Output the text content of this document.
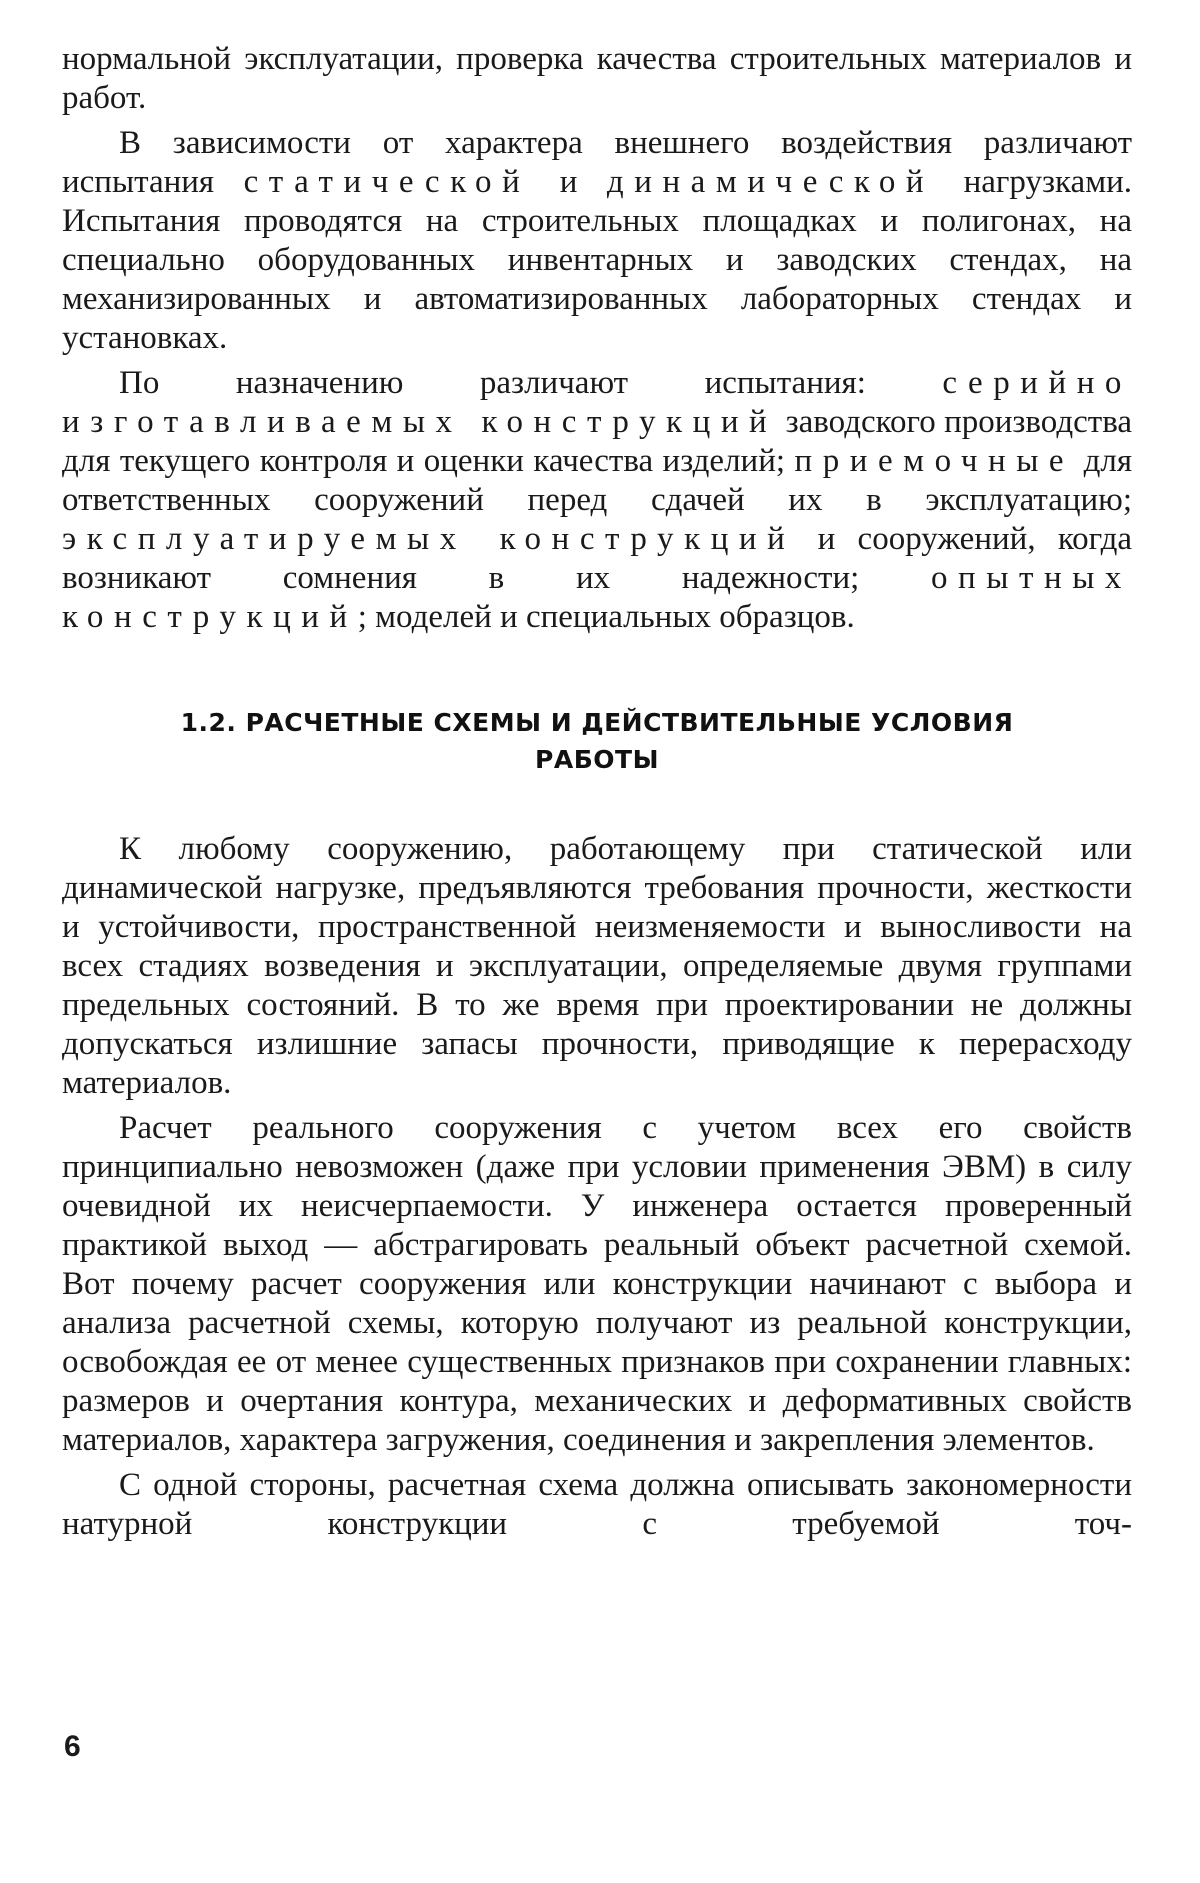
нормальной эксплуатации, проверка качества строительных материалов и работ.

В зависимости от характера внешнего воздействия различают испытания статической и динамической нагрузками. Испытания проводятся на строительных площадках и полигонах, на специально оборудованных инвентарных и заводских стендах, на механизированных и автоматизированных лабораторных стендах и установках.

По назначению различают испытания: серийно изготавливаемых конструкций заводского производства для текущего контроля и оценки качества изделий; приемочные для ответственных сооружений перед сдачей их в эксплуатацию; эксплуатируемых конструкций и сооружений, когда возникают сомнения в их надежности; опытных конструкций; моделей и специальных образцов.

1.2. РАСЧЕТНЫЕ СХЕМЫ И ДЕЙСТВИТЕЛЬНЫЕ УСЛОВИЯ
РАБОТЫ

К любому сооружению, работающему при статической или динамической нагрузке, предъявляются требования прочности, жесткости и устойчивости, пространственной неизменяемости и выносливости на всех стадиях возведения и эксплуатации, определяемые двумя группами предельных состояний. В то же время при проектировании не должны допускаться излишние запасы прочности, приводящие к перерасходу материалов.

Расчет реального сооружения с учетом всех его свойств принципиально невозможен (даже при условии применения ЭВМ) в силу очевидной их неисчерпаемости. У инженера остается проверенный практикой выход — абстрагировать реальный объект расчетной схемой. Вот почему расчет сооружения или конструкции начинают с выбора и анализа расчетной схемы, которую получают из реальной конструкции, освобождая ее от менее существенных признаков при сохранении главных: размеров и очертания контура, механических и деформативных свойств материалов, характера загружения, соединения и закрепления элементов.

С одной стороны, расчетная схема должна описывать закономерности натурной конструкции с требуемой точ-

6
